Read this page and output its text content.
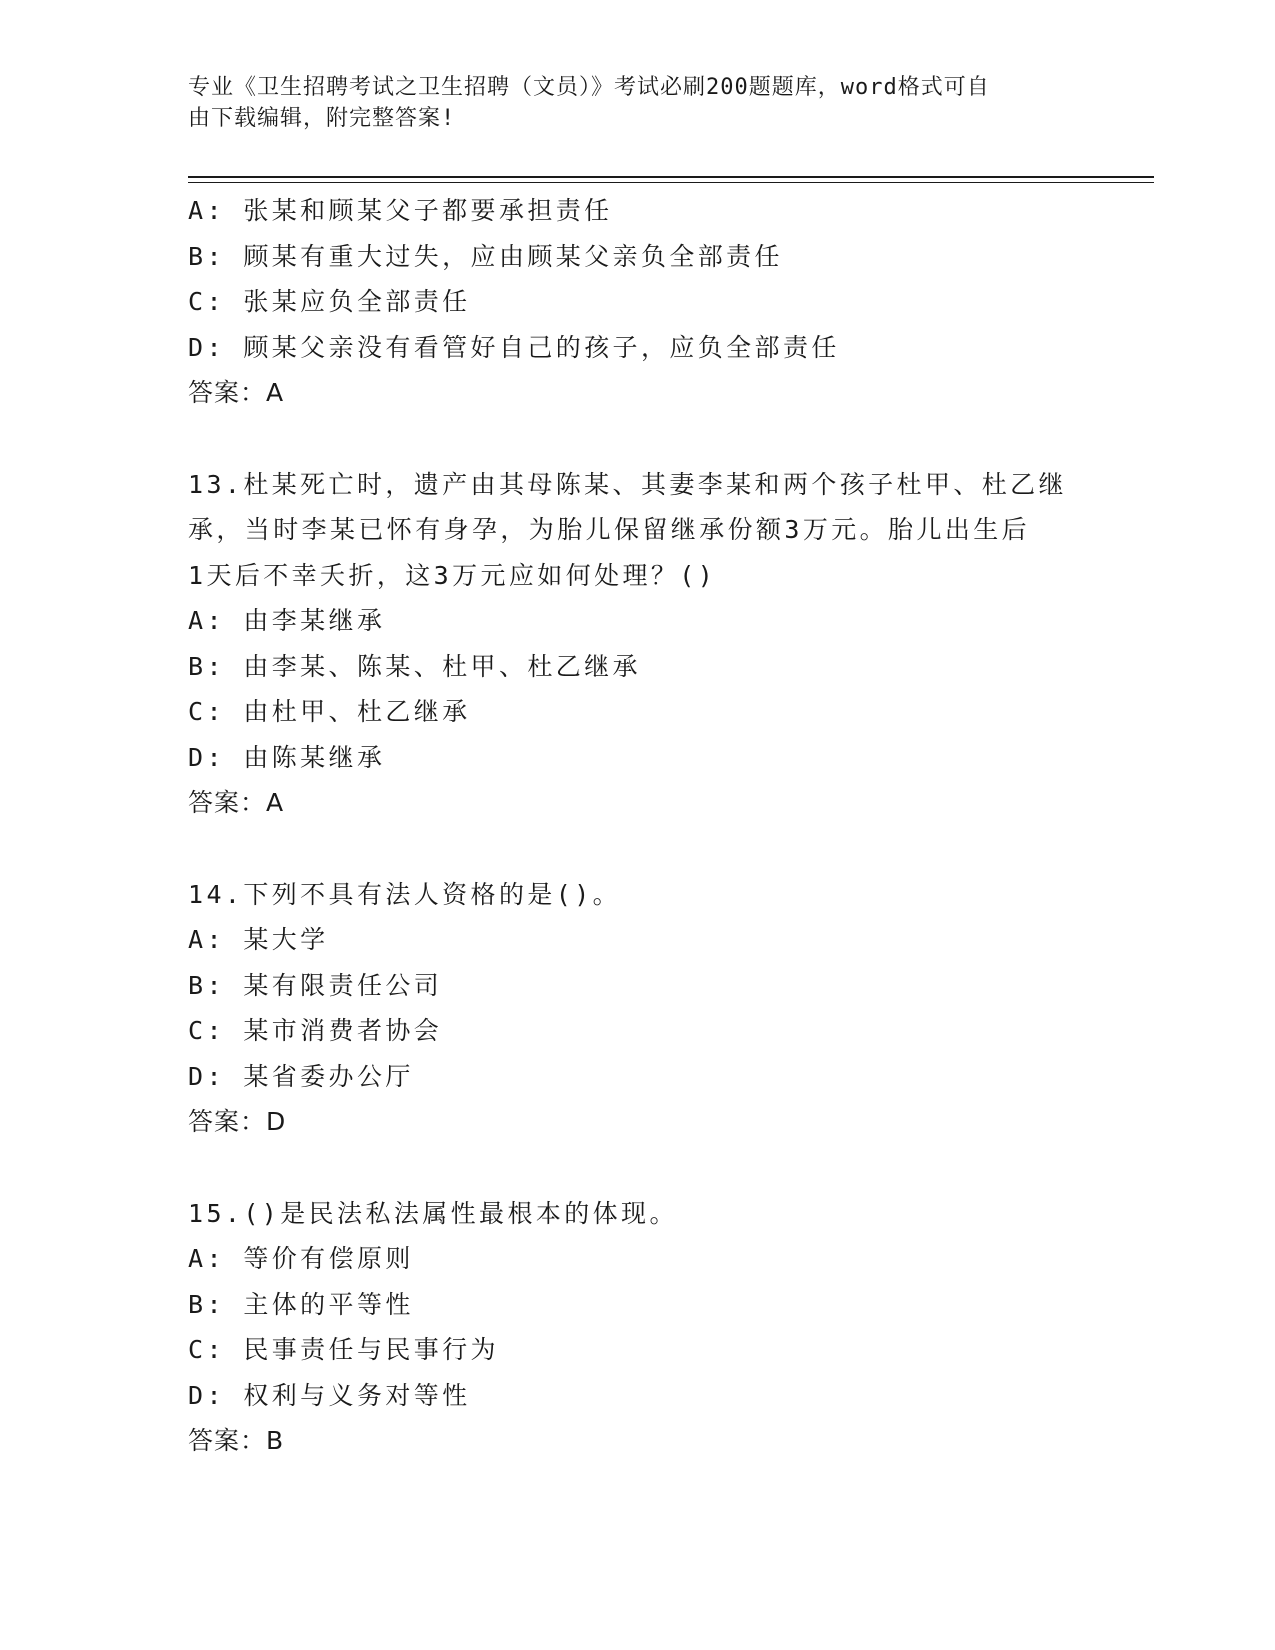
专业《卫生招聘考试之卫生招聘（文员）》考试必刷200题题库，word格式可自
由下载编辑，附完整答案!
A: 张某和顾某父子都要承担责任
B: 顾某有重大过失，应由顾某父亲负全部责任
C: 张某应负全部责任
D: 顾某父亲没有看管好自己的孩子，应负全部责任
答案：A
13.杜某死亡时，遗产由其母陈某、其妻李某和两个孩子杜甲、杜乙继
承，当时李某已怀有身孕，为胎儿保留继承份额3万元。胎儿出生后
1天后不幸夭折，这3万元应如何处理？()
A: 由李某继承
B: 由李某、陈某、杜甲、杜乙继承
C: 由杜甲、杜乙继承
D: 由陈某继承
答案：A
14.下列不具有法人资格的是()。
A: 某大学
B: 某有限责任公司
C: 某市消费者协会
D: 某省委办公厅
答案：D
15.()是民法私法属性最根本的体现。
A: 等价有偿原则
B: 主体的平等性
C: 民事责任与民事行为
D: 权利与义务对等性
答案：B
